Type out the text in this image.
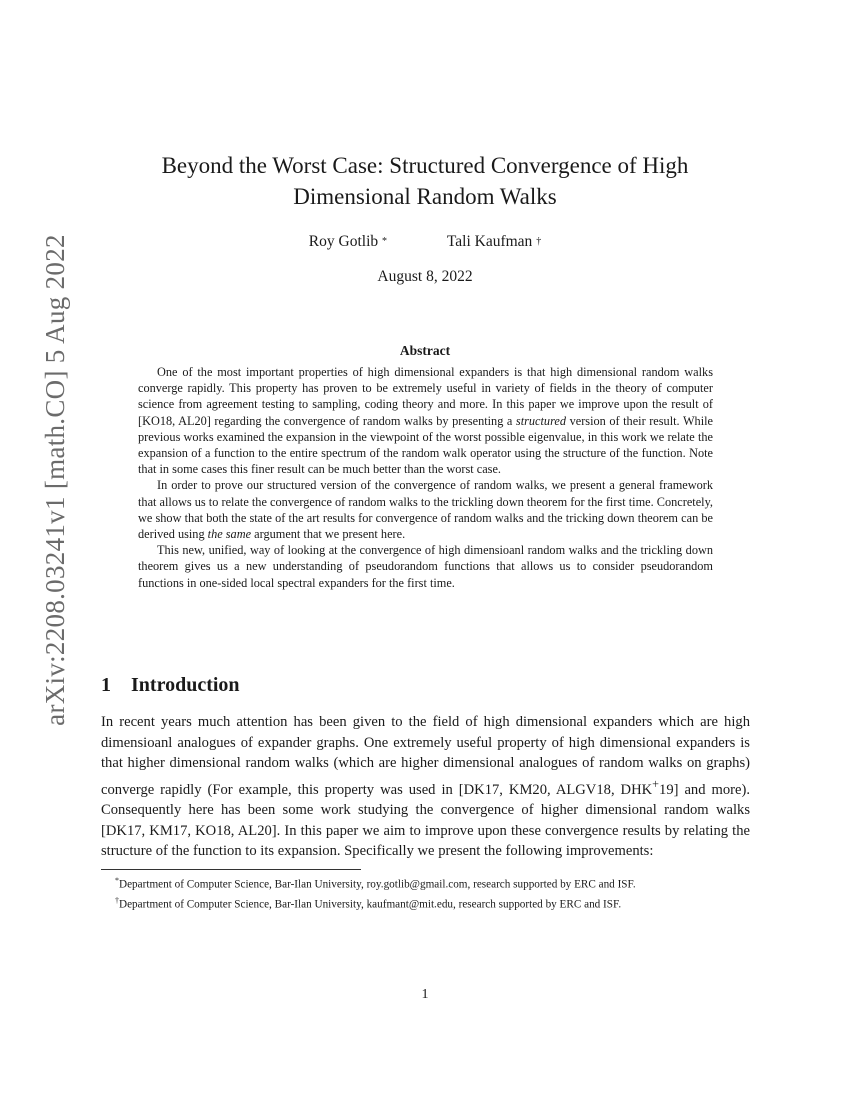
arXiv:2208.03241v1 [math.CO] 5 Aug 2022
Beyond the Worst Case: Structured Convergence of High Dimensional Random Walks
Roy Gotlib *	Tali Kaufman †
August 8, 2022
Abstract

One of the most important properties of high dimensional expanders is that high dimensional random walks converge rapidly. This property has proven to be extremely useful in variety of fields in the theory of computer science from agreement testing to sampling, coding theory and more. In this paper we improve upon the result of [KO18, AL20] regarding the convergence of random walks by presenting a structured version of their result. While previous works examined the expansion in the viewpoint of the worst possible eigenvalue, in this work we relate the expansion of a function to the entire spectrum of the random walk operator using the structure of the function. Note that in some cases this finer result can be much better than the worst case.

In order to prove our structured version of the convergence of random walks, we present a general framework that allows us to relate the convergence of random walks to the trickling down theorem for the first time. Concretely, we show that both the state of the art results for convergence of random walks and the tricking down theorem can be derived using the same argument that we present here.

This new, unified, way of looking at the convergence of high dimensioanl random walks and the trickling down theorem gives us a new understanding of pseudorandom functions that allows us to consider pseudorandom functions in one-sided local spectral expanders for the first time.

1 Introduction

In recent years much attention has been given to the field of high dimensional expanders which are high dimensioanl analogues of expander graphs. One extremely useful property of high dimensional expanders is that higher dimensional random walks (which are higher dimensional analogues of random walks on graphs) converge rapidly (For example, this property was used in [DK17, KM20, ALGV18, DHK+19] and more). Consequently here has been some work studying the convergence of higher dimensional random walks [DK17, KM17, KO18, AL20]. In this paper we aim to improve upon these convergence results by relating the structure of the function to its expansion. Specifically we present the following improvements:

*Department of Computer Science, Bar-Ilan University, roy.gotlib@gmail.com, research supported by ERC and ISF.

†Department of Computer Science, Bar-Ilan University, kaufmant@mit.edu, research supported by ERC and ISF.

1
